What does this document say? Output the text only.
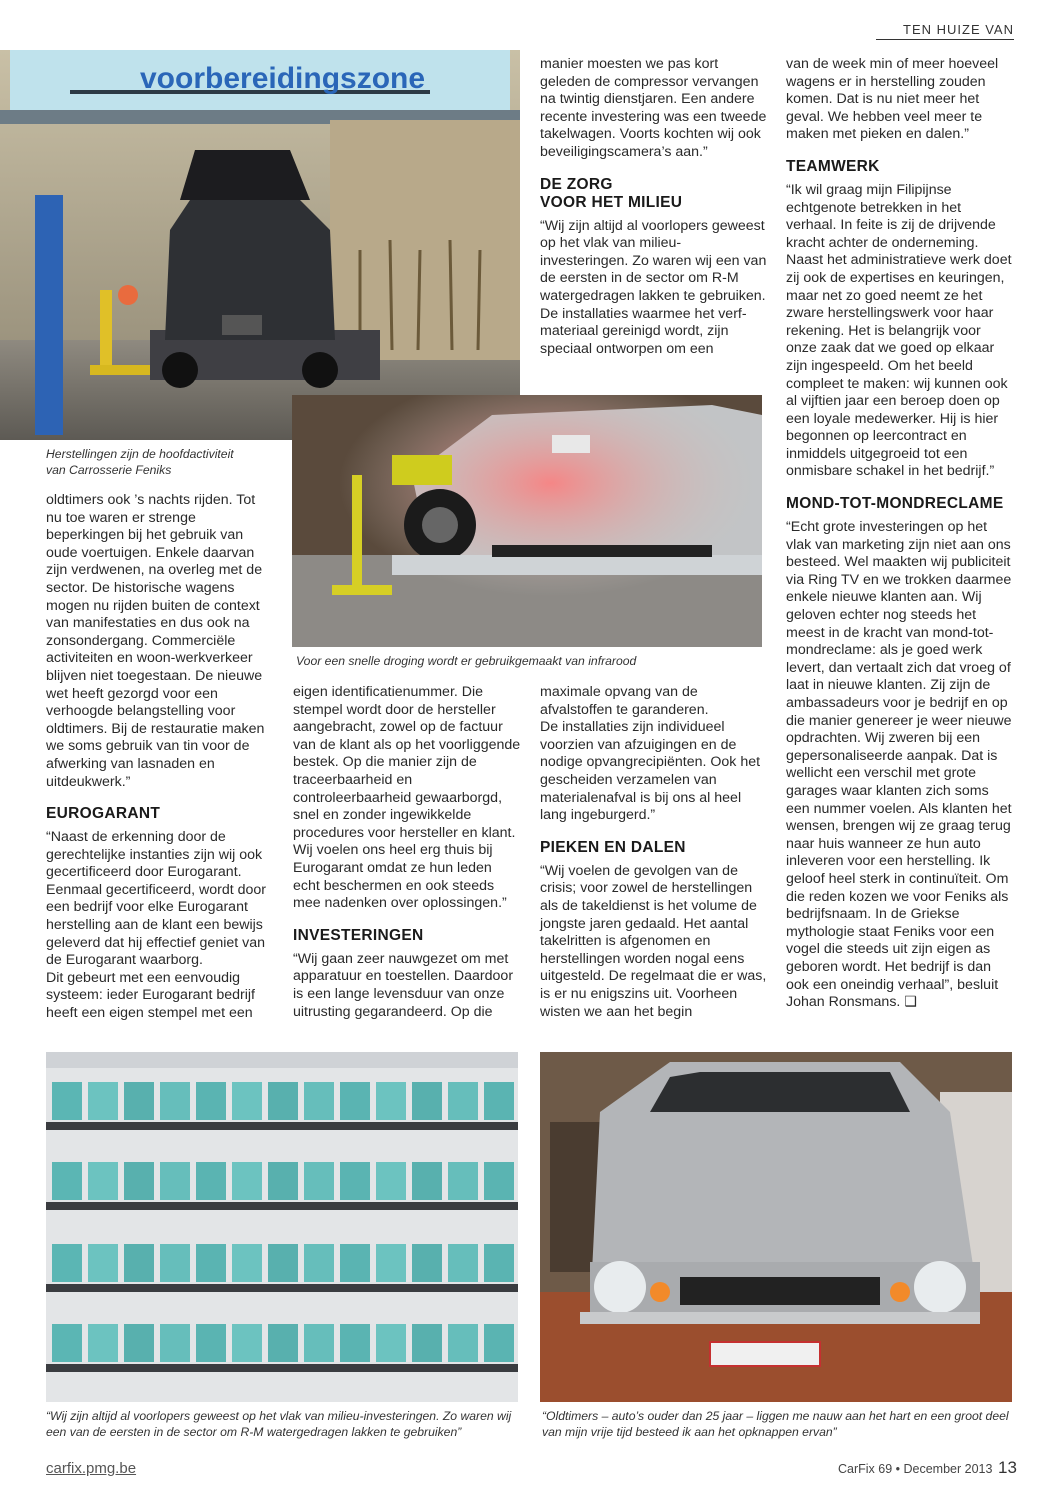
TEN HUIZE VAN
voorbereidingszone
Herstellingen zijn de hoofdactiviteit van Carrosserie Feniks
Voor een snelle droging wordt er gebruikgemaakt van infrarood
“Wij zijn altijd al voorlopers geweest op het vlak van milieu-investeringen. Zo waren wij een van de eersten in de sector om R-M watergedragen lakken te gebruiken”
“Oldtimers – auto’s ouder dan 25 jaar – liggen me nauw aan het hart en een groot deel van mijn vrije tijd besteed ik aan het opknappen ervan”

oldtimers ook ’s nachts rijden. Tot nu toe waren er strenge beperkingen bij het gebruik van oude voertuigen. Enkele daarvan zijn verdwenen, na overleg met de sector. De historische wagens mogen nu rijden buiten de context van manifestaties en dus ook na zonsondergang. Commerciële activiteiten en woon-werkverkeer blijven niet toegestaan. De nieuwe wet heeft gezorgd voor een verhoogde belangstelling voor oldtimers. Bij de restauratie maken we soms gebruik van tin voor de afwerking van lasnaden en uitdeukwerk.”

EUROGARANT

“Naast de erkenning door de gerechtelijke instanties zijn wij ook gecertificeerd door Eurogarant. Eenmaal gecertificeerd, wordt door een bedrijf voor elke Eurogarant herstelling aan de klant een bewijs geleverd dat hij effectief geniet van de Eurogarant waarborg.

Dit gebeurt met een eenvoudig systeem: ieder Eurogarant bedrijf heeft een eigen stempel met een

eigen identificatienummer. Die stempel wordt door de hersteller aangebracht, zowel op de factuur van de klant als op het voorliggende bestek. Op die manier zijn de traceerbaarheid en controleerbaarheid gewaarborgd, snel en zonder ingewikkelde procedures voor hersteller en klant. Wij voelen ons heel erg thuis bij Eurogarant omdat ze hun leden echt beschermen en ook steeds mee nadenken over oplossingen.”

INVESTERINGEN

“Wij gaan zeer nauwgezet om met apparatuur en toestellen. Daardoor is een lange levensduur van onze uitrusting gegarandeerd. Op die

manier moesten we pas kort geleden de compressor vervangen na twintig dienstjaren. Een andere recente investering was een tweede takelwagen. Voorts kochten wij ook beveiligingscamera’s aan.”

DE ZORG
VOOR HET MILIEU

“Wij zijn altijd al voorlopers geweest op het vlak van milieu-investeringen. Zo waren wij een van de eersten in de sector om R-M watergedragen lakken te gebruiken. De installaties waarmee het verf-materiaal gereinigd wordt, zijn speciaal ontworpen om een

maximale opvang van de afvalstoffen te garanderen.

De installaties zijn individueel voorzien van afzuigingen en de nodige opvangrecipiënten. Ook het gescheiden verzamelen van materialenafval is bij ons al heel lang ingeburgerd.”

PIEKEN EN DALEN

“Wij voelen de gevolgen van de crisis; voor zowel de herstellingen als de takeldienst is het volume de jongste jaren gedaald. Het aantal takelritten is afgenomen en herstellingen worden nogal eens uitgesteld. De regelmaat die er was, is er nu enigszins uit. Voorheen wisten we aan het begin

van de week min of meer hoeveel wagens er in herstelling zouden komen. Dat is nu niet meer het geval. We hebben veel meer te maken met pieken en dalen.”

TEAMWERK

“Ik wil graag mijn Filipijnse echtgenote betrekken in het verhaal. In feite is zij de drijvende kracht achter de onderneming. Naast het administratieve werk doet zij ook de expertises en keuringen, maar net zo goed neemt ze het zware herstellingswerk voor haar rekening. Het is belangrijk voor onze zaak dat we goed op elkaar zijn ingespeeld. Om het beeld compleet te maken: wij kunnen ook al vijftien jaar een beroep doen op een loyale medewerker. Hij is hier begonnen op leercontract en inmiddels uitgegroeid tot een onmisbare schakel in het bedrijf.”

MOND-TOT-MONDRECLAME

“Echt grote investeringen op het vlak van marketing zijn niet aan ons besteed. Wel maakten wij publiciteit via Ring TV en we trokken daarmee enkele nieuwe klanten aan. Wij geloven echter nog steeds het meest in de kracht van mond-tot-mondreclame: als je goed werk levert, dan vertaalt zich dat vroeg of laat in nieuwe klanten. Zij zijn de ambassadeurs voor je bedrijf en op die manier genereer je weer nieuwe opdrachten. Wij zweren bij een gepersonaliseerde aanpak. Dat is wellicht een verschil met grote garages waar klanten zich soms een nummer voelen. Als klanten het wensen, brengen wij ze graag terug naar huis wanneer ze hun auto inleveren voor een herstelling. Ik geloof heel sterk in continuïteit. Om die reden kozen we voor Feniks als bedrijfsnaam. In de Griekse mythologie staat Feniks voor een vogel die steeds uit zijn eigen as geboren wordt. Het bedrijf is dan ook een oneindig verhaal”, besluit Johan Ronsmans. ❑

carfix.pmg.be	CarFix 69 • December 2013 13
